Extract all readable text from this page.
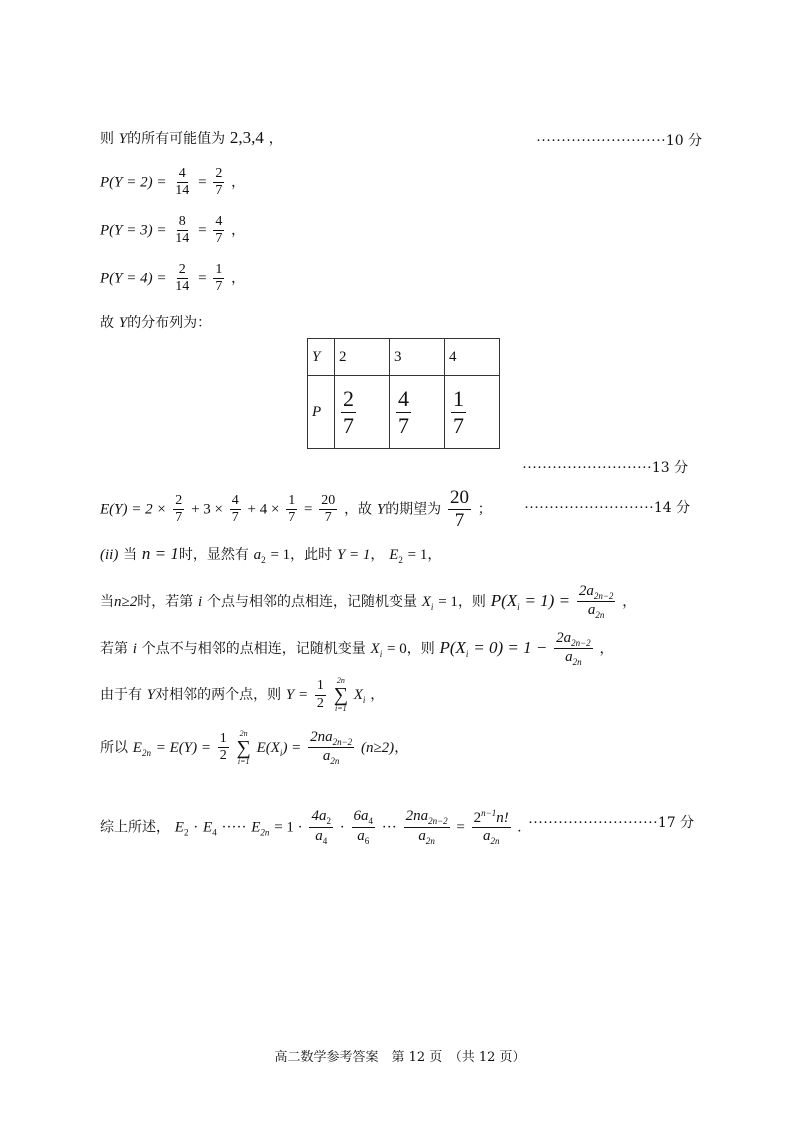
则 Y的所有可能值为 2,3,4 ，	··························10 分
$P(Y = 2) = \frac{4}{14} = \frac{2}{7}$ ，
$P(Y = 3) = \frac{8}{14} = \frac{4}{7}$ ，
$P(Y = 4) = \frac{2}{14} = \frac{1}{7}$ ，
故 Y的分布列为：
Y	2	3	4
P	$\frac{2}{7}$	$\frac{4}{7}$	$\frac{1}{7}$
··························13 分
$E(Y) = 2 \times \frac{2}{7} + 3 \times \frac{4}{7} + 4 \times \frac{1}{7} = \frac{20}{7}$ ，故 Y的期望为 $\frac{20}{7}$ ； ··························14 分
(ii) 当 n = 1时，显然有 $a_2 = 1$，此时 Y = 1， $E_2 = 1$，
当n≥2时，若第 i 个点与相邻的点相连，记随机变量 $X_i = 1$，则 $P(X_i = 1) = \frac{2a_{2n-2}}{a_{2n}}$ ，
若第 i 个点不与相邻的点相连，记随机变量 $X_i = 0$，则 $P(X_i = 0) = 1 - \frac{2a_{2n-2}}{a_{2n}}$ ，
由于有 Y对相邻的两个点，则 $Y = \frac{1}{2}$
2n
∑
i=1
$X_i$ ，
所以 $E_{2n} = E(Y) = \frac{1}{2}$
2n
∑
i=1
$E(X_i) = \frac{2na_{2n-2}}{a_{2n}} (n\ge 2)$，
综上所述， $E_2 \cdot E_4$ ····· $E_{2n} = 1 \cdot \frac{4a_2}{a_4} \cdot \frac{6a_4}{a_6}$ ··· $\frac{2na_{2n-2}}{a_{2n}} = \frac{2^{n-1}n!}{a_{2n}}$ . ··························17 分
高二数学参考答案　第 12 页　（共 12 页）
